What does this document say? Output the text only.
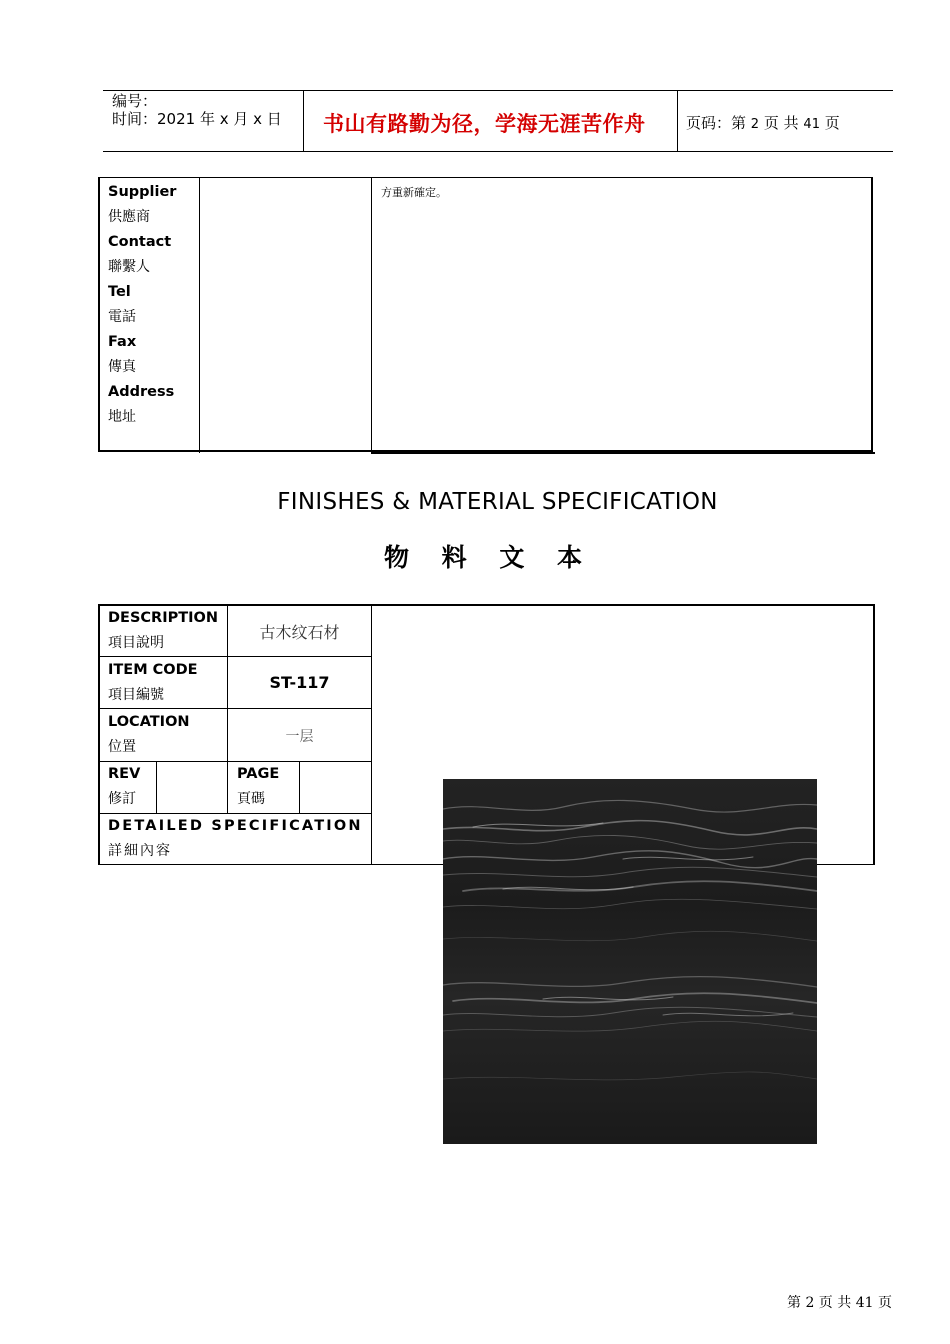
编号：
时间：2021 年 x 月 x 日 书山有路勤为径，学海无涯苦作舟	页码：第 2 页 共 41 页
Supplier
供應商
Contact
聯繫人
Tel
電話
Fax
傳真
Address
地址
方重新確定。
FINISHES & MATERIAL SPECIFICATION
物 料 文 本
DESCRIPTION
項目說明
古木纹石材
ITEM CODE
項目編號
ST-117
LOCATION
位置
一层
REV
修訂
PAGE
頁碼
DETAILED SPECIFICATION
詳細內容
第 2 页 共 41 页
